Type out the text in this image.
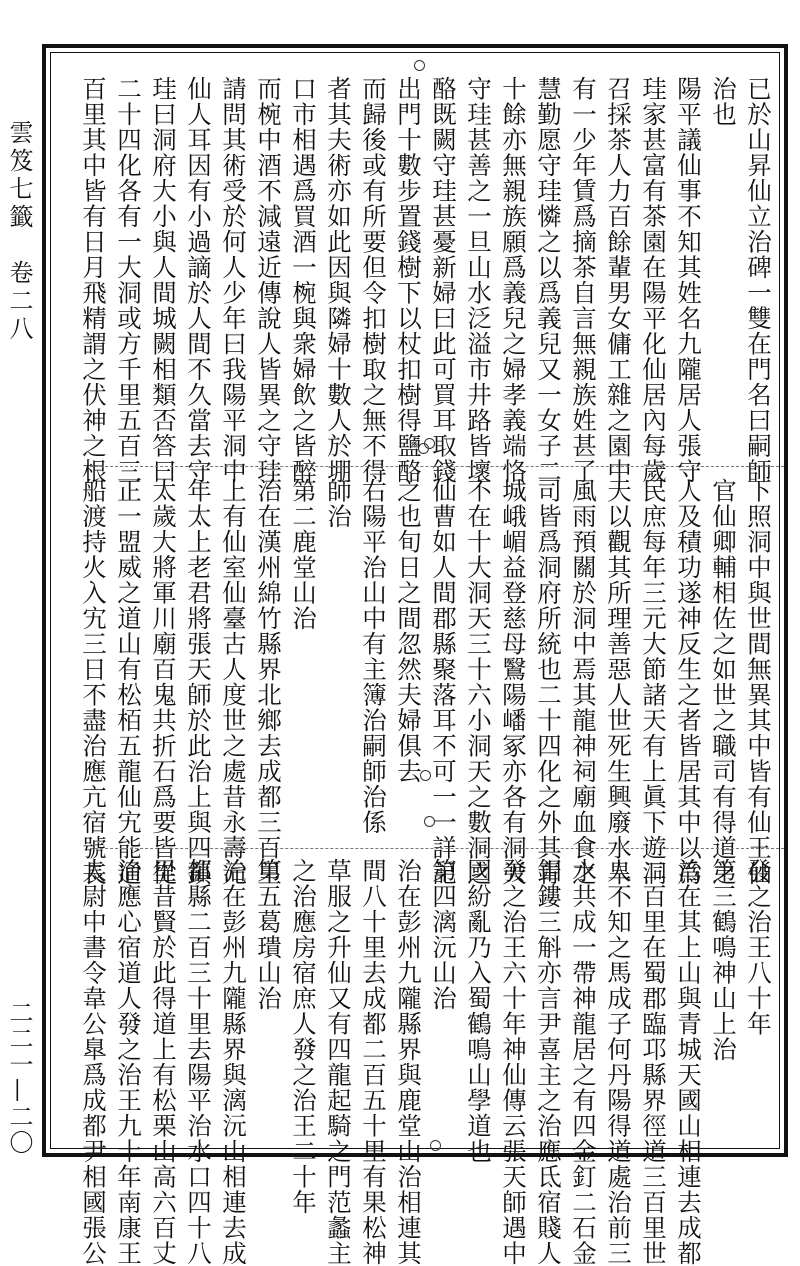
雲笈七籤　卷二八
二二一—二〇
已於山昇仙立治碑一雙在門名曰嗣師
治也
陽平議仙事不知其姓名九隴居人張守
珪家甚富有茶園在陽平化仙居內每歲
召採茶人力百餘輩男女傭工雜之園中
有一少年賃爲摘茶自言無親族姓甚了
慧勤愿守珪憐之以爲義兒又一女子二
十餘亦無親族願爲義兒之婦孝義端恪
守珪甚善之一旦山水泛溢市井路皆壞
酪既闕守珪甚憂新婦曰此可買耳取錢
出門十數步置錢樹下以杖扣樹得鹽酪
而歸後或有所要但令扣樹取之無不得
者其夫術亦如此因與隣婦十數人於堋
口市相遇爲買酒一椀與衆婦飲之皆醉
而椀中酒不減遠近傳說人皆異之守珪
請問其術受於何人少年曰我陽平洞中
仙人耳因有小過謫於人間不久當去守
珪曰洞府大小與人間城闕相類否答曰
二十四化各有一大洞或方千里五百三
百里其中皆有日月飛精謂之伏神之根
下照洞中與世間無異其中皆有仙王仙
官仙卿輔相佐之如世之職司有得道之
人及積功遂神反生之者皆居其中以爲
民庶每年三元大節諸天有上眞下遊洞
天以觀其所理善惡人世死生興廢水旱
風雨預關於洞中焉其龍神祠廟血食之
司皆爲洞府所統也二十四化之外其青
城峨嵋益登慈母鷖陽嶓冢亦各有洞天
不在十大洞天三十六小洞天之數洞之
仙曹如人間郡縣聚落耳不可一一詳記
之也旬日之間忽然夫婦俱去
右陽平治山中有主簿治嗣師治係
師治
第二鹿堂山治
治在漢州綿竹縣界北鄉去成都三百里
上有仙室仙臺古人度世之處昔永壽元
年太上老君將張天師於此治上與四鎮
太歲大將軍川廟百鬼共折石爲要皆從
正一盟威之道山有松栢五龍仙宄能通
船渡持火入宄三日不盡治應亢宿號長
發之治王八十年
第三鶴鳴神山上治
治在其上山與青城天國山相連去成都
二百里在蜀郡臨邛縣界徑道三百里世
人不知之馬成子何丹陽得道處治前三
水共成一帶神龍居之有四金釘二石金
鉬鏤三斛亦言尹喜主之治應氐宿賤人
發之治王六十年神仙傳云張天師遇中
國紛亂乃入蜀鶴鳴山學道也
第四漓沅山治
治在彭州九隴縣界與鹿堂山治相連其
間八十里去成都二百五十里有果松神
草服之升仙又有四龍起騎之門范蠡主
之治應房宿庶人發之治王二十年
第五葛璝山治
治在彭州九隴縣界與漓沅山相連去成
都縣二百三十里去陽平治水口四十八
里昔賢於此得道上有松栗山高六百丈
治應心宿道人發之治王九十年南康王
太尉中書令韋公臯爲成都尹相國張公
